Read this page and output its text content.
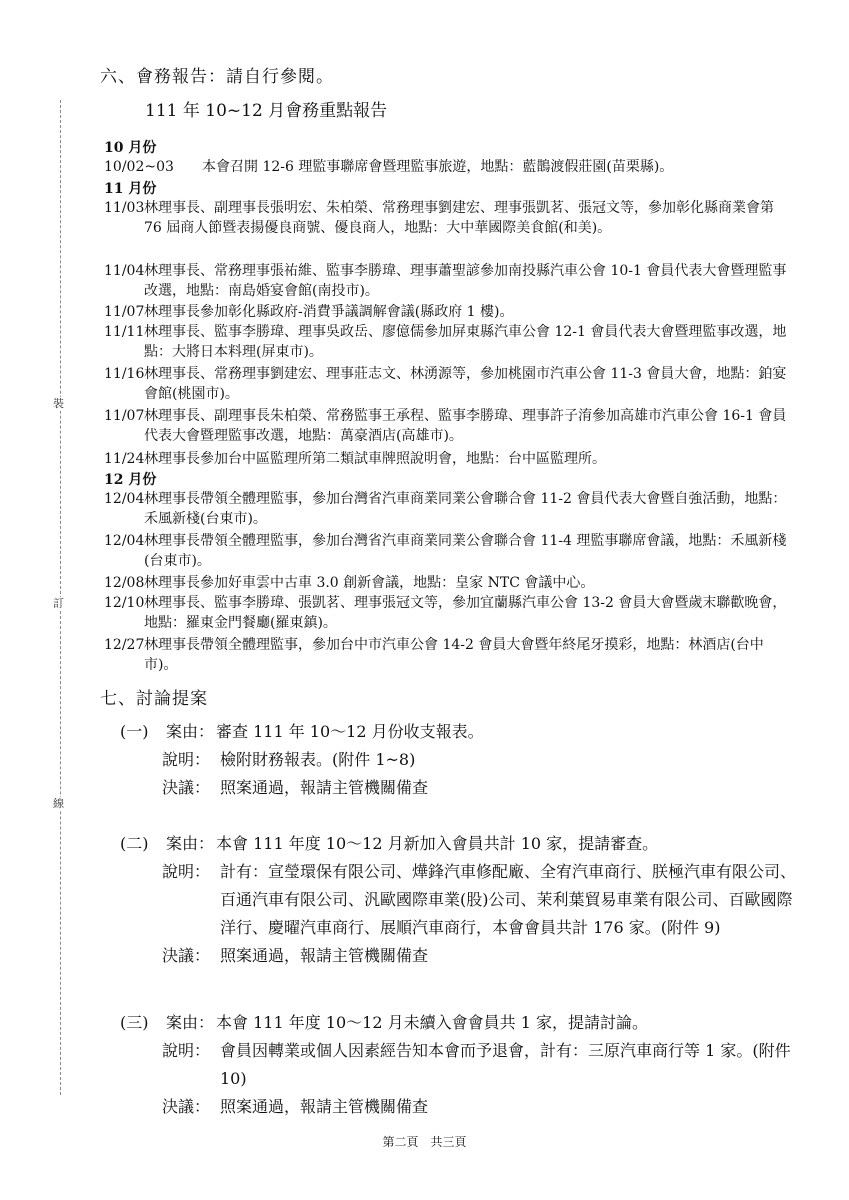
裝
訂
線
六、會務報告：請自行參閱。
111 年 10~12 月會務重點報告
10 月份
10/02~03	本會召開 12-6 理監事聯席會暨理監事旅遊，地點：藍鵲渡假莊園(苗栗縣)。
11 月份
11/03 林理事長、副理事長張明宏、朱柏榮、常務理事劉建宏、理事張凱茗、張冠文等，參加彰化縣商業會第 76 屆商人節暨表揚優良商號、優良商人，地點：大中華國際美食館(和美)。
11/04 林理事長、常務理事張祐維、監事李勝瑋、理事蕭聖諺參加南投縣汽車公會 10-1 會員代表大會暨理監事改選，地點：南島婚宴會館(南投市)。
11/07 林理事長參加彰化縣政府-消費爭議調解會議(縣政府 1 樓)。
11/11 林理事長、監事李勝瑋、理事吳政岳、廖億儒參加屏東縣汽車公會 12-1 會員代表大會暨理監事改選，地點：大將日本料理(屏東市)。
11/16 林理事長、常務理事劉建宏、理事莊志文、林湧源等，參加桃園市汽車公會 11-3 會員大會，地點：鉑宴會館(桃園市)。
11/07 林理事長、副理事長朱柏榮、常務監事王承程、監事李勝瑋、理事許子淯參加高雄市汽車公會 16-1 會員代表大會暨理監事改選，地點：萬豪酒店(高雄市)。
11/24 林理事長參加台中區監理所第二類試車牌照說明會，地點：台中區監理所。
12 月份
12/04 林理事長帶領全體理監事，參加台灣省汽車商業同業公會聯合會 11-2 會員代表大會暨自強活動，地點：禾風新棧(台東市)。
12/04 林理事長帶領全體理監事，參加台灣省汽車商業同業公會聯合會 11-4 理監事聯席會議，地點：禾風新棧(台東市)。
12/08 林理事長參加好車雲中古車 3.0 創新會議，地點：皇家 NTC 會議中心。
12/10 林理事長、監事李勝瑋、張凱茗、理事張冠文等，參加宜蘭縣汽車公會 13-2 會員大會暨歲末聯歡晚會，地點：羅東金門餐廳(羅東鎮)。
12/27 林理事長帶領全體理監事，參加台中市汽車公會 14-2 會員大會暨年終尾牙摸彩，地點：林酒店(台中市)。
七、討論提案
(一) 案由： 審查 111 年 10～12 月份收支報表。
說明： 檢附財務報表。(附件 1~8)
決議： 照案通過，報請主管機關備查
(二) 案由： 本會 111 年度 10～12 月新加入會員共計 10 家，提請審查。
說明： 計有：宣瑩環保有限公司、燁鋒汽車修配廠、全宥汽車商行、朕極汽車有限公司、百通汽車有限公司、汎歐國際車業(股)公司、茉利葉貿易車業有限公司、百歐國際洋行、慶曜汽車商行、展順汽車商行，本會會員共計 176 家。(附件 9)
決議： 照案通過，報請主管機關備查
(三) 案由： 本會 111 年度 10～12 月未續入會會員共 1 家，提請討論。
說明： 會員因轉業或個人因素經告知本會而予退會，計有：三原汽車商行等 1 家。(附件 10)
決議： 照案通過，報請主管機關備查
第二頁　共三頁
